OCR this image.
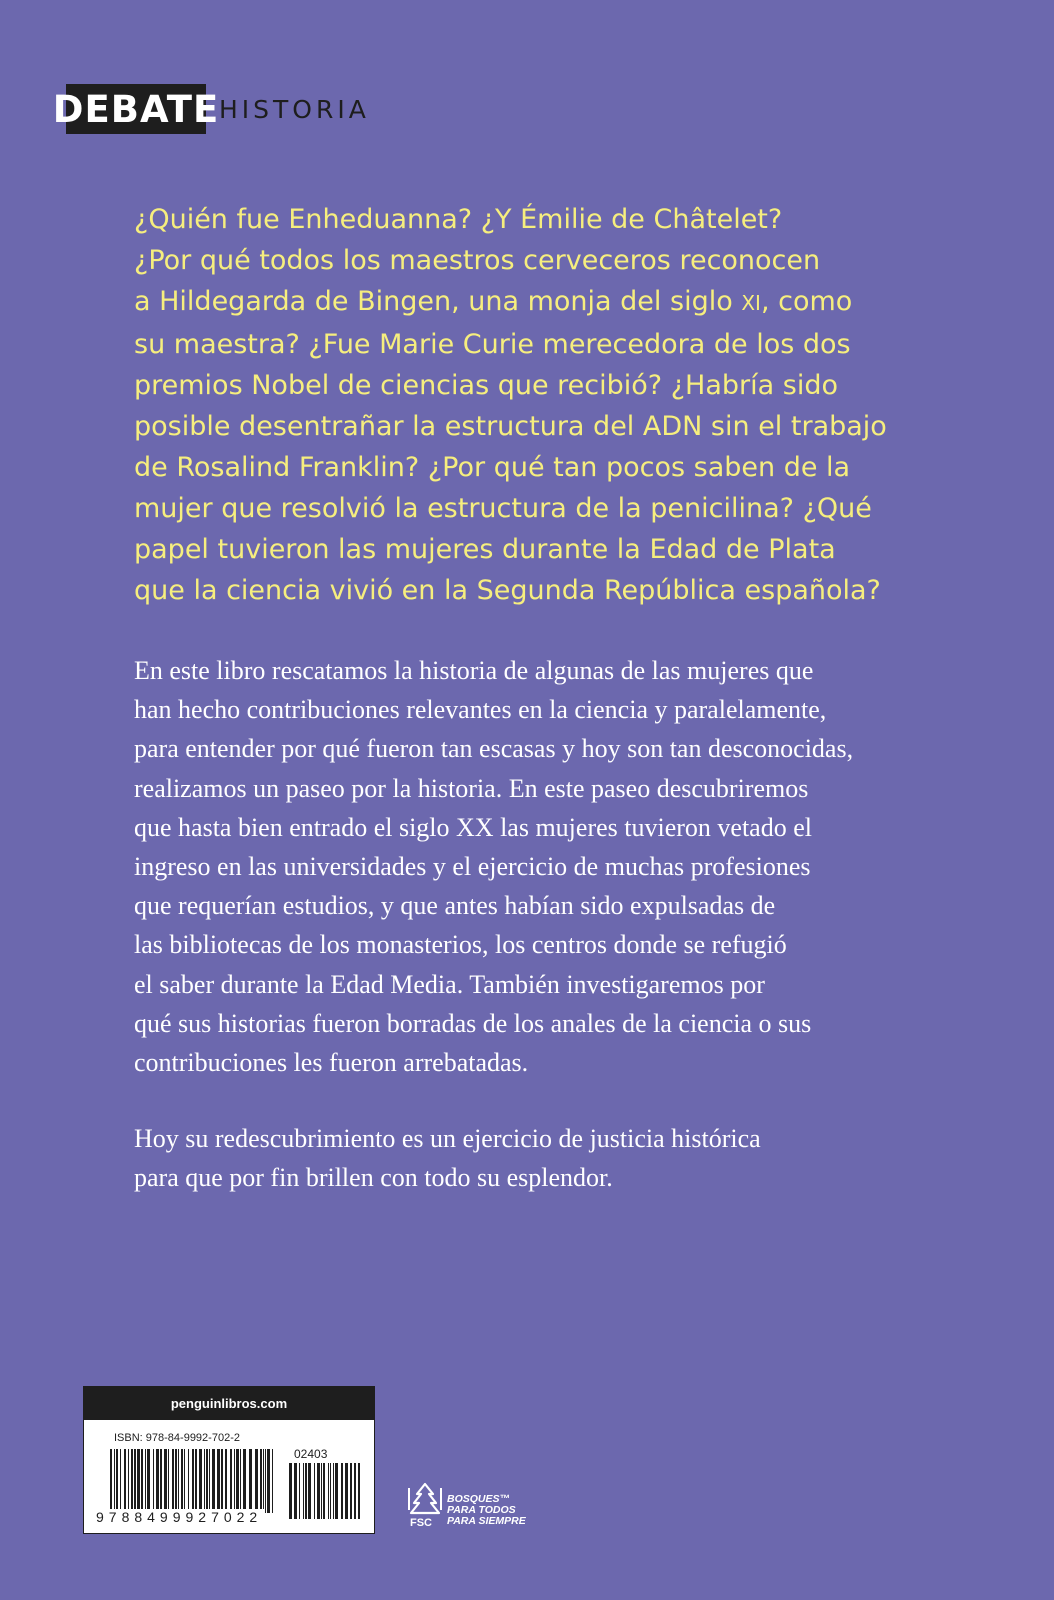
DEBATE HISTORIA
¿Quién fue Enheduanna? ¿Y Émilie de Châtelet?
¿Por qué todos los maestros cerveceros reconocen
a Hildegarda de Bingen, una monja del siglo XI, como
su maestra? ¿Fue Marie Curie merecedora de los dos
premios Nobel de ciencias que recibió? ¿Habría sido
posible desentrañar la estructura del ADN sin el trabajo
de Rosalind Franklin? ¿Por qué tan pocos saben de la
mujer que resolvió la estructura de la penicilina? ¿Qué
papel tuvieron las mujeres durante la Edad de Plata
que la ciencia vivió en la Segunda República española?
En este libro rescatamos la historia de algunas de las mujeres que
han hecho contribuciones relevantes en la ciencia y paralelamente,
para entender por qué fueron tan escasas y hoy son tan desconocidas,
realizamos un paseo por la historia. En este paseo descubriremos
que hasta bien entrado el siglo XX las mujeres tuvieron vetado el
ingreso en las universidades y el ejercicio de muchas profesiones
que requerían estudios, y que antes habían sido expulsadas de
las bibliotecas de los monasterios, los centros donde se refugió
el saber durante la Edad Media. También investigaremos por
qué sus historias fueron borradas de los anales de la ciencia o sus
contribuciones les fueron arrebatadas.
Hoy su redescubrimiento es un ejercicio de justicia histórica
para que por fin brillen con todo su esplendor.
penguinlibros.com
ISBN: 978-84-9992-702-2
02403
9788499927022	FSC
BOSQUES™
PARA TODOS
PARA SIEMPRE
